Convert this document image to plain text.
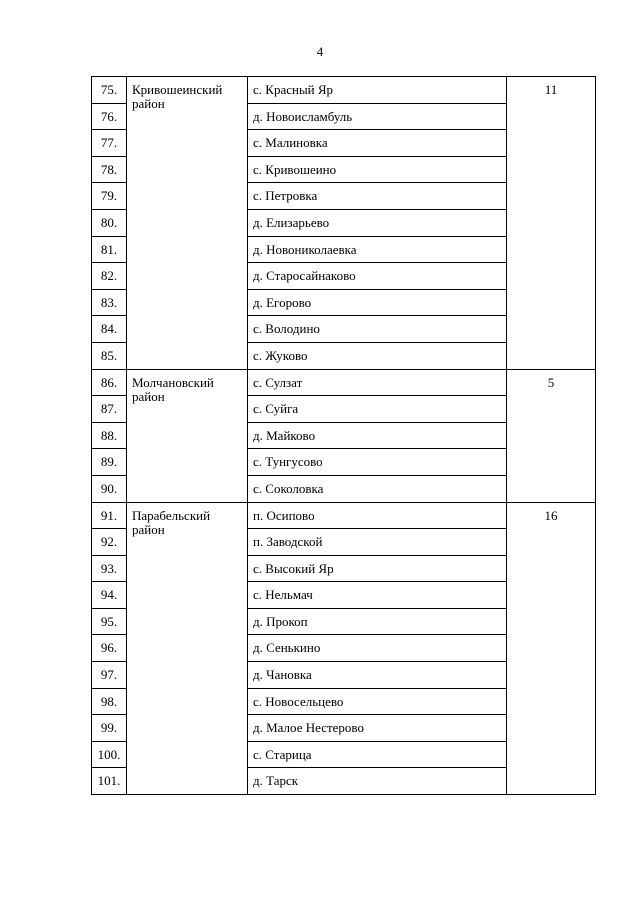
4
75.	Кривошеинский район	с. Красный Яр	11
76.		д. Новоисламбуль	
77.		с. Малиновка	
78.		с. Кривошеино	
79.		с. Петровка	
80.		д. Елизарьево	
81.		д. Новониколаевка	
82.		д. Старосайнаково	
83.		д. Егорово	
84.		с. Володино	
85.		с. Жуково	
86.	Молчановский район	с. Сулзат	5
87.		с. Суйга	
88.		д. Майково	
89.		с. Тунгусово	
90.		с. Соколовка	
91.	Парабельский район	п. Осипово	16
92.		п. Заводской	
93.		с. Высокий Яр	
94.		с. Нельмач	
95.		д. Прокоп	
96.		д. Сенькино	
97.		д. Чановка	
98.		с. Новосельцево	
99.		д. Малое Нестерово	
100.		с. Старица	
101.		д. Тарск	
